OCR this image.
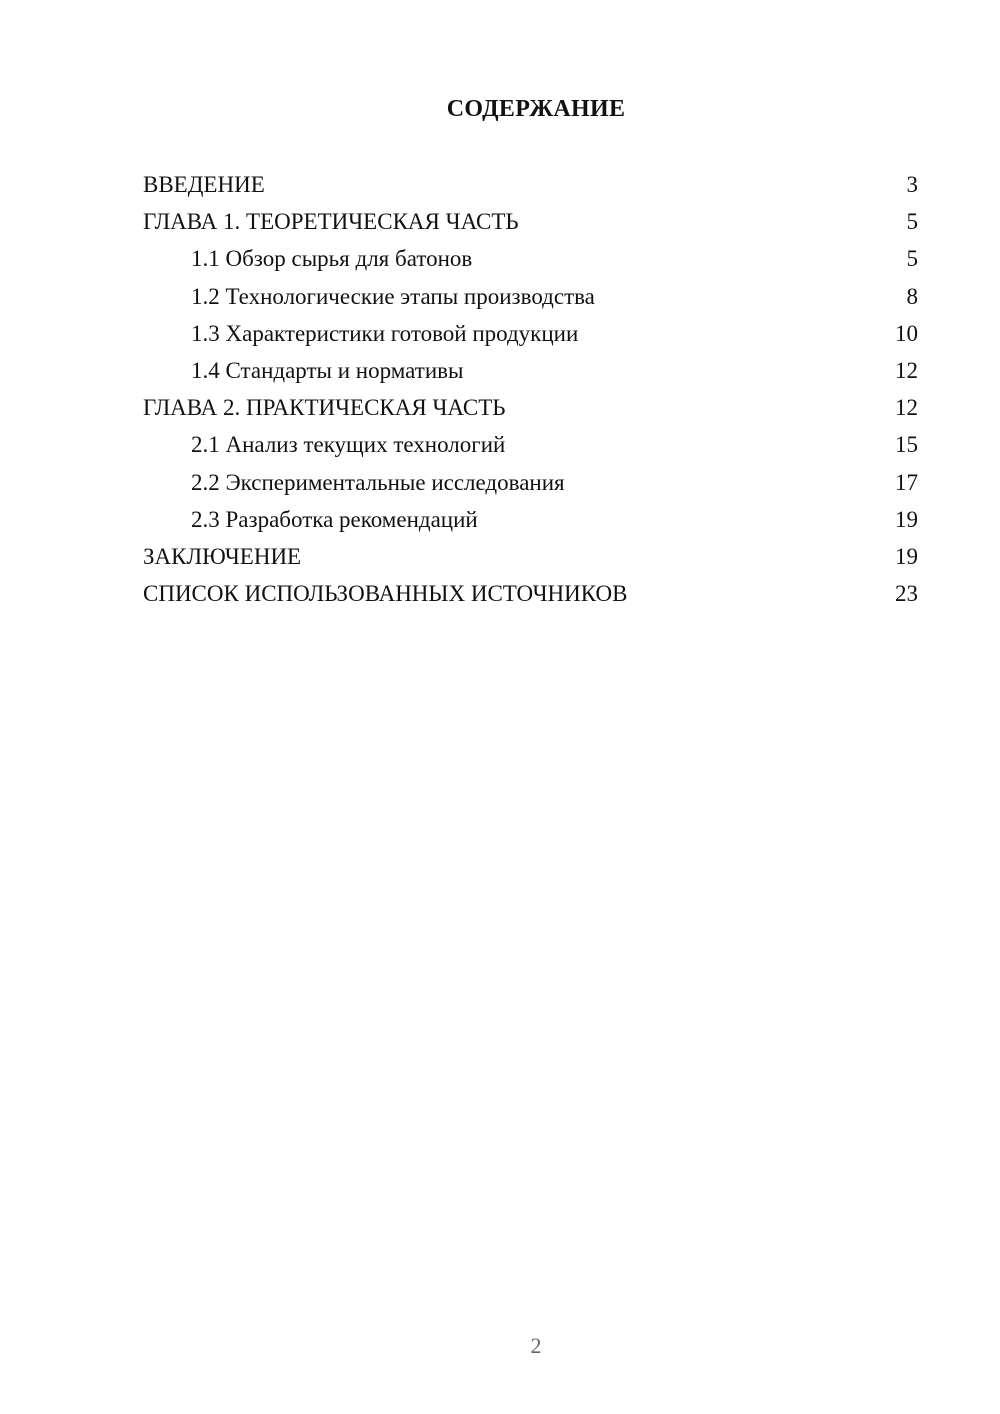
СОДЕРЖАНИЕ
ВВЕДЕНИЕ	3
ГЛАВА 1. ТЕОРЕТИЧЕСКАЯ ЧАСТЬ	5
1.1 Обзор сырья для батонов	5
1.2 Технологические этапы производства	8
1.3 Характеристики готовой продукции	10
1.4 Стандарты и нормативы	12
ГЛАВА 2. ПРАКТИЧЕСКАЯ ЧАСТЬ	12
2.1 Анализ текущих технологий	15
2.2 Экспериментальные исследования	17
2.3 Разработка рекомендаций	19
ЗАКЛЮЧЕНИЕ	19
СПИСОК ИСПОЛЬЗОВАННЫХ ИСТОЧНИКОВ	23
2
